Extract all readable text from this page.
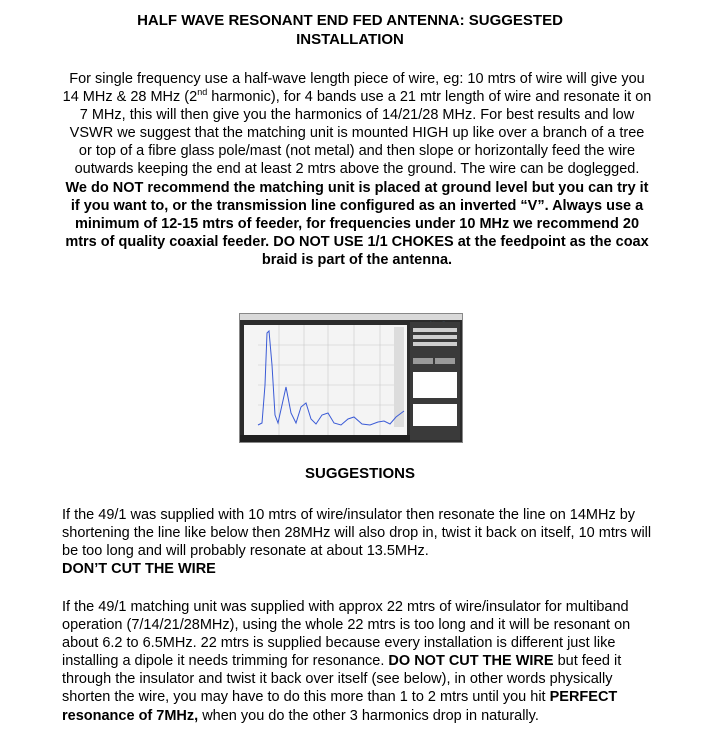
HALF WAVE RESONANT END FED ANTENNA: SUGGESTED INSTALLATION
For single frequency use a half-wave length piece of wire, eg: 10 mtrs of wire will give you 14 MHz & 28 MHz (2nd harmonic), for 4 bands use a 21 mtr length of wire and resonate it on 7 MHz, this will then give you the harmonics of 14/21/28 MHz. For best results and low VSWR we suggest that the matching unit is mounted HIGH up like over a branch of a tree or top of a fibre glass pole/mast (not metal) and then slope or horizontally feed the wire outwards keeping the end at least 2 mtrs above the ground. The wire can be doglegged. We do NOT recommend the matching unit is placed at ground level but you can try it if you want to, or the transmission line configured as an inverted “V”. Always use a minimum of 12-15 mtrs of feeder, for frequencies under 10 MHz we recommend 20 mtrs of quality coaxial feeder. DO NOT USE 1/1 CHOKES at the feedpoint as the coax braid is part of the antenna.
SUGGESTIONS
If the 49/1 was supplied with 10 mtrs of wire/insulator then resonate the line on 14MHz by shortening the line like below then 28MHz will also drop in, twist it back on itself, 10 mtrs will be too long and will probably resonate at about 13.5MHz.
DON’T CUT THE WIRE
If the 49/1 matching unit was supplied with approx 22 mtrs of wire/insulator for multiband operation (7/14/21/28MHz), using the whole 22 mtrs is too long and it will be resonant on about 6.2 to 6.5MHz. 22 mtrs is supplied because every installation is different just like installing a dipole it needs trimming for resonance. DO NOT CUT THE WIRE but feed it through the insulator and twist it back over itself (see below), in other words physically shorten the wire, you may have to do this more than 1 to 2 mtrs until you hit PERFECT resonance of 7MHz, when you do the other 3 harmonics drop in naturally.
